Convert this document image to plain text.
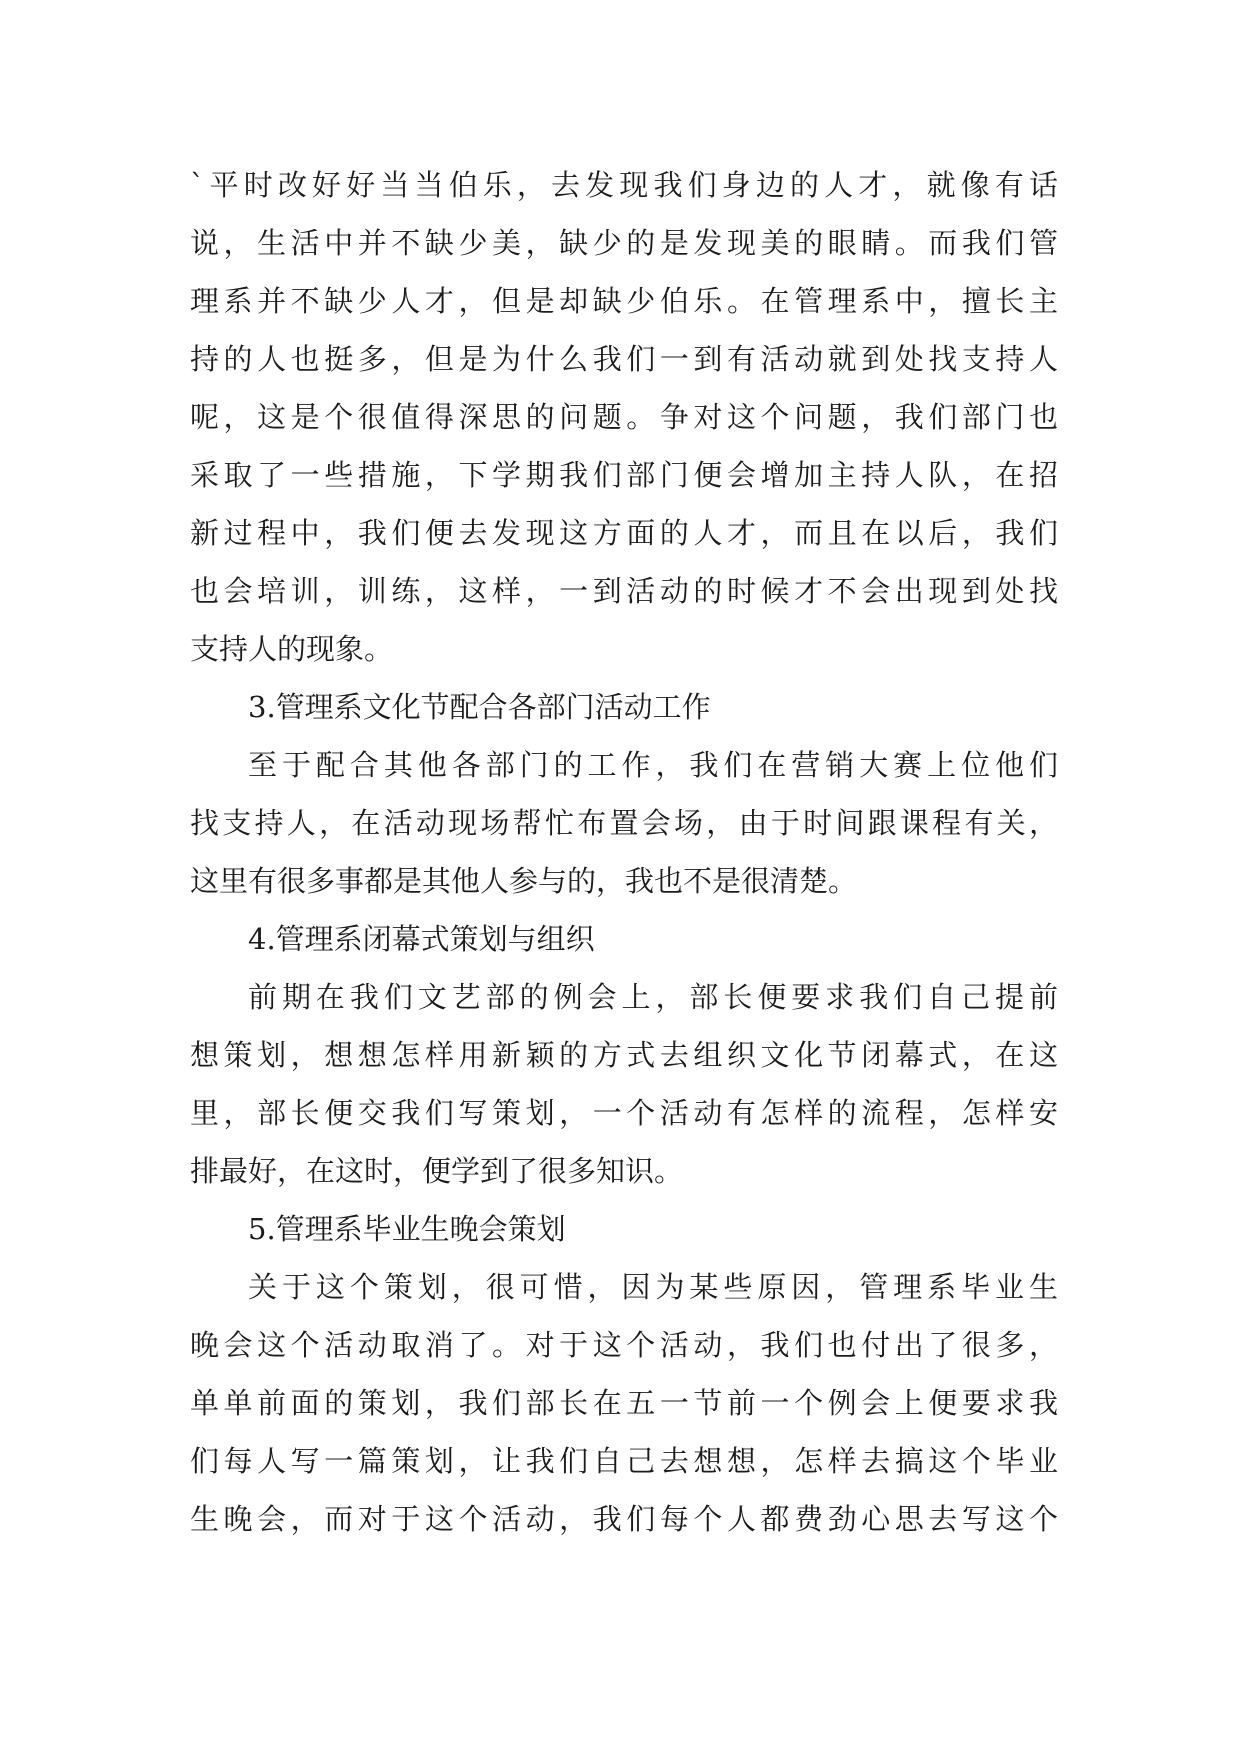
`平时改好好当当伯乐，去发现我们身边的人才，就像有话
说，生活中并不缺少美，缺少的是发现美的眼睛。而我们管
理系并不缺少人才，但是却缺少伯乐。在管理系中，擅长主
持的人也挺多，但是为什么我们一到有活动就到处找支持人
呢，这是个很值得深思的问题。争对这个问题，我们部门也
采取了一些措施，下学期我们部门便会增加主持人队，在招
新过程中，我们便去发现这方面的人才，而且在以后，我们
也会培训，训练，这样，一到活动的时候才不会出现到处找
支持人的现象。
3.管理系文化节配合各部门活动工作
至于配合其他各部门的工作，我们在营销大赛上位他们
找支持人，在活动现场帮忙布置会场，由于时间跟课程有关，
这里有很多事都是其他人参与的，我也不是很清楚。
4.管理系闭幕式策划与组织
前期在我们文艺部的例会上，部长便要求我们自己提前
想策划，想想怎样用新颖的方式去组织文化节闭幕式，在这
里，部长便交我们写策划，一个活动有怎样的流程，怎样安
排最好，在这时，便学到了很多知识。
5.管理系毕业生晚会策划
关于这个策划，很可惜，因为某些原因，管理系毕业生
晚会这个活动取消了。对于这个活动，我们也付出了很多，
单单前面的策划，我们部长在五一节前一个例会上便要求我
们每人写一篇策划，让我们自己去想想，怎样去搞这个毕业
生晚会，而对于这个活动，我们每个人都费劲心思去写这个
